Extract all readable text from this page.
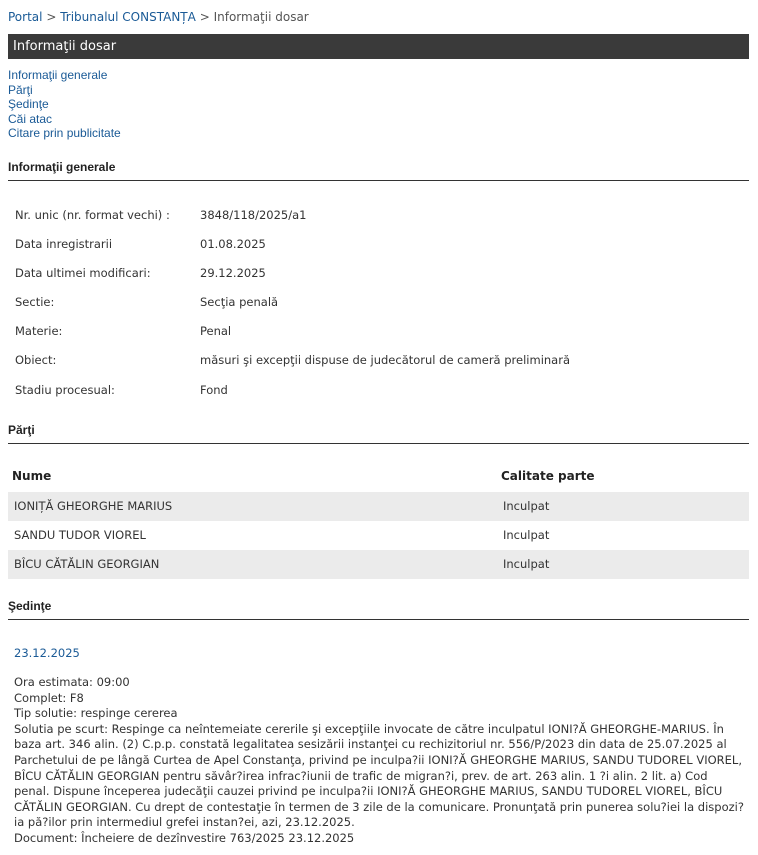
Portal > Tribunalul CONSTANȚA > Informaţii dosar
Informaţii dosar
Informaţii generale
Părţi
Şedinţe
Căi atac
Citare prin publicitate
Informaţii generale
Nr. unic (nr. format vechi) :	3848/118/2025/a1
Data inregistrarii	01.08.2025
Data ultimei modificari:	29.12.2025
Sectie:	Secţia penală
Materie:	Penal
Obiect:	măsuri şi excepţii dispuse de judecătorul de cameră preliminară
Stadiu procesual:	Fond
Părţi
Nume	Calitate parte
IONIȚĂ GHEORGHE MARIUS	Inculpat
SANDU TUDOR VIOREL	Inculpat
BÎCU CĂTĂLIN GEORGIAN	Inculpat
Şedinţe
23.12.2025
Ora estimata: 09:00
Complet: F8
Tip solutie: respinge cererea
Solutia pe scurt: Respinge ca neîntemeiate cererile şi excepţiile invocate de către inculpatul IONI?Ă GHEORGHE-MARIUS. În baza art. 346 alin. (2) C.p.p. constată legalitatea sesizării instanţei cu rechizitoriul nr. 556/P/2023 din data de 25.07.2025 al Parchetului de pe lângă Curtea de Apel Constanţa, privind pe inculpa?ii IONI?Ă GHEORGHE MARIUS, SANDU TUDOREL VIOREL, BÎCU CĂTĂLIN GEORGIAN pentru săvâr?irea infrac?iunii de trafic de migran?i, prev. de art. 263 alin. 1 ?i alin. 2 lit. a) Cod penal. Dispune începerea judecăţii cauzei privind pe inculpa?ii IONI?Ă GHEORGHE MARIUS, SANDU TUDOREL VIOREL, BÎCU CĂTĂLIN GEORGIAN. Cu drept de contestaţie în termen de 3 zile de la comunicare. Pronunţată prin punerea solu?iei la dispozi?ia pă?ilor prin intermediul grefei instan?ei, azi, 23.12.2025.
Document: Încheiere de dezînvestire 763/2025 23.12.2025
